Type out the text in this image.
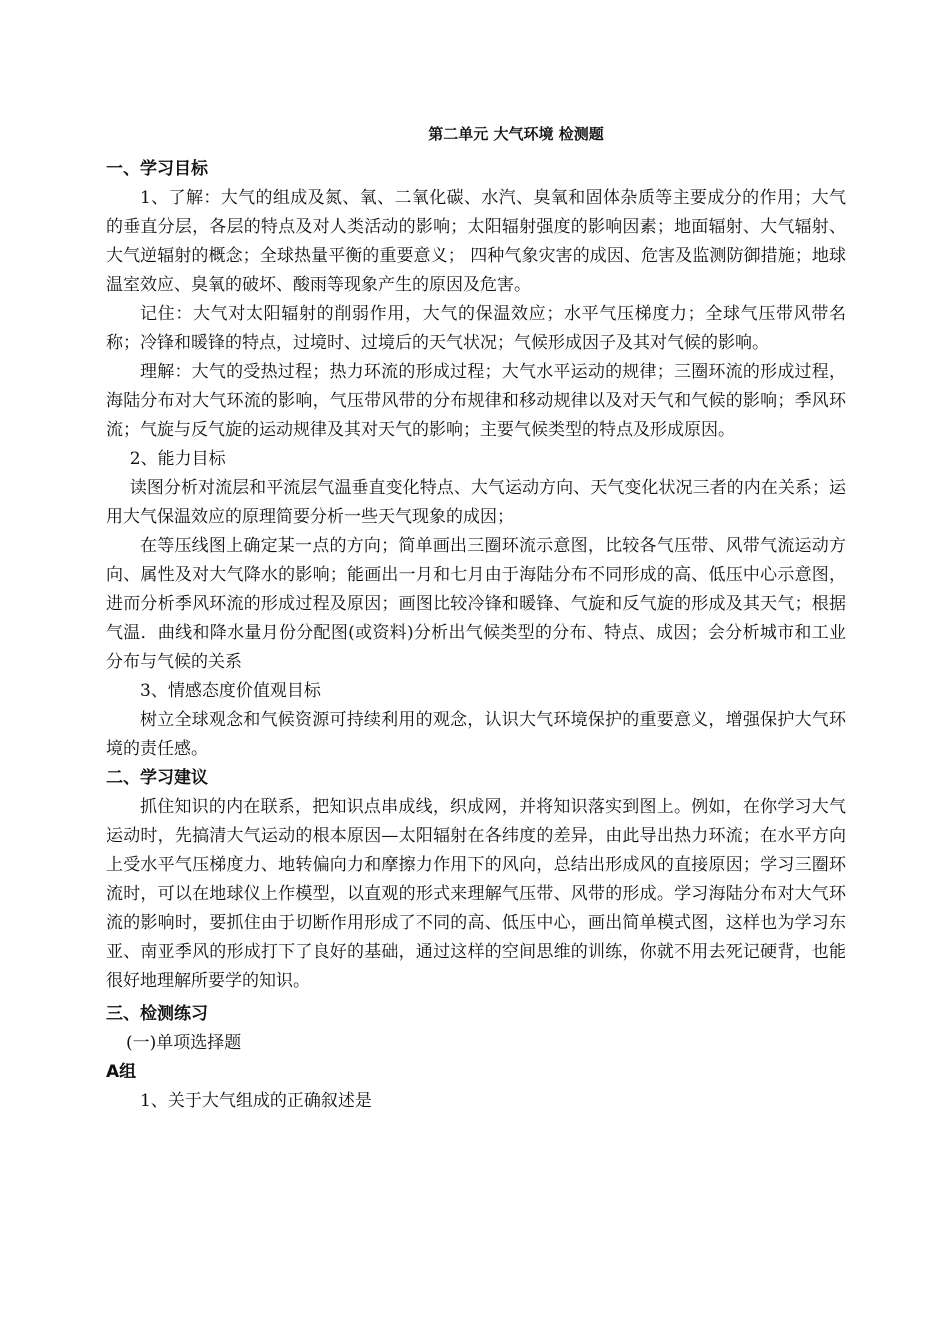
第二单元 大气环境 检测题
一、学习目标

1、了解：大气的组成及氮、氧、二氧化碳、水汽、臭氧和固体杂质等主要成分的作用；大气的垂直分层，各层的特点及对人类活动的影响；太阳辐射强度的影响因素；地面辐射、大气辐射、大气逆辐射的概念；全球热量平衡的重要意义； 四种气象灾害的成因、危害及监测防御措施；地球温室效应、臭氧的破坏、酸雨等现象产生的原因及危害。

记住：大气对太阳辐射的削弱作用，大气的保温效应；水平气压梯度力；全球气压带风带名称；冷锋和暖锋的特点，过境时、过境后的天气状况；气候形成因子及其对气候的影响。

理解：大气的受热过程；热力环流的形成过程；大气水平运动的规律；三圈环流的形成过程，海陆分布对大气环流的影响，气压带风带的分布规律和移动规律以及对天气和气候的影响；季风环流；气旋与反气旋的运动规律及其对天气的影响；主要气候类型的特点及形成原因。

2、能力目标

读图分析对流层和平流层气温垂直变化特点、大气运动方向、天气变化状况三者的内在关系；运用大气保温效应的原理简要分析一些天气现象的成因；

在等压线图上确定某一点的方向；简单画出三圈环流示意图，比较各气压带、风带气流运动方向、属性及对大气降水的影响；能画出一月和七月由于海陆分布不同形成的高、低压中心示意图，进而分析季风环流的形成过程及原因；画图比较冷锋和暖锋、气旋和反气旋的形成及其天气；根据气温．曲线和降水量月份分配图(或资料)分析出气候类型的分布、特点、成因；会分析城市和工业分布与气候的关系

3、情感态度价值观目标

树立全球观念和气候资源可持续利用的观念，认识大气环境保护的重要意义，增强保护大气环境的责任感。

二、学习建议

抓住知识的内在联系，把知识点串成线，织成网，并将知识落实到图上。例如，在你学习大气运动时，先搞清大气运动的根本原因—太阳辐射在各纬度的差异，由此导出热力环流；在水平方向上受水平气压梯度力、地转偏向力和摩擦力作用下的风向，总结出形成风的直接原因；学习三圈环流时，可以在地球仪上作模型，以直观的形式来理解气压带、风带的形成。学习海陆分布对大气环流的影响时，要抓住由于切断作用形成了不同的高、低压中心，画出简单模式图，这样也为学习东亚、南亚季风的形成打下了良好的基础，通过这样的空间思维的训练，你就不用去死记硬背，也能很好地理解所要学的知识。

三、检测练习

(一)单项选择题

A组

1、关于大气组成的正确叙述是
